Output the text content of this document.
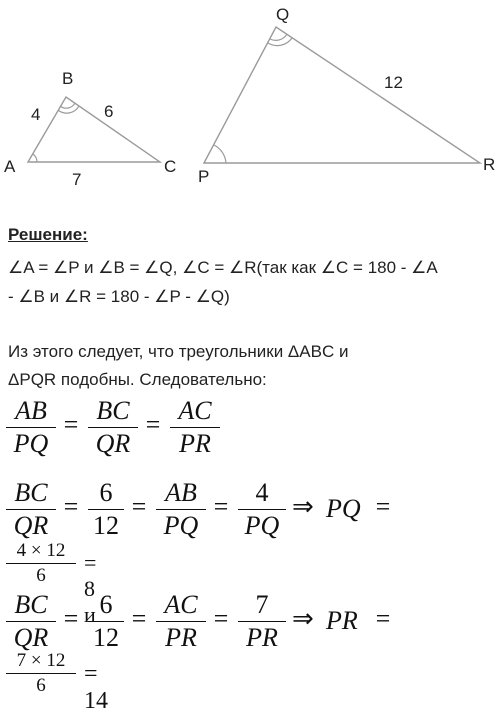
A
B
C
4	6
7	P
Q
R
12
Решение:
∠A = ∠P и ∠B = ∠Q, ∠C = ∠R(так как ∠C = 180 - ∠A
- ∠B и ∠R = 180 - ∠P - ∠Q)
Из этого следует, что треугольники ΔABC и
ΔPQR подобны. Следовательно:
AB
PQ
= BC
QR
= AC
PR
BC
QR
= 6
12
= AB
PQ
= 4
PQ
⇒ PQ =
4 × 12
6
= 8 и
BC
QR
= 6
12
= AC
PR
= 7
PR
⇒ PR =
7 × 12
6	= 14
